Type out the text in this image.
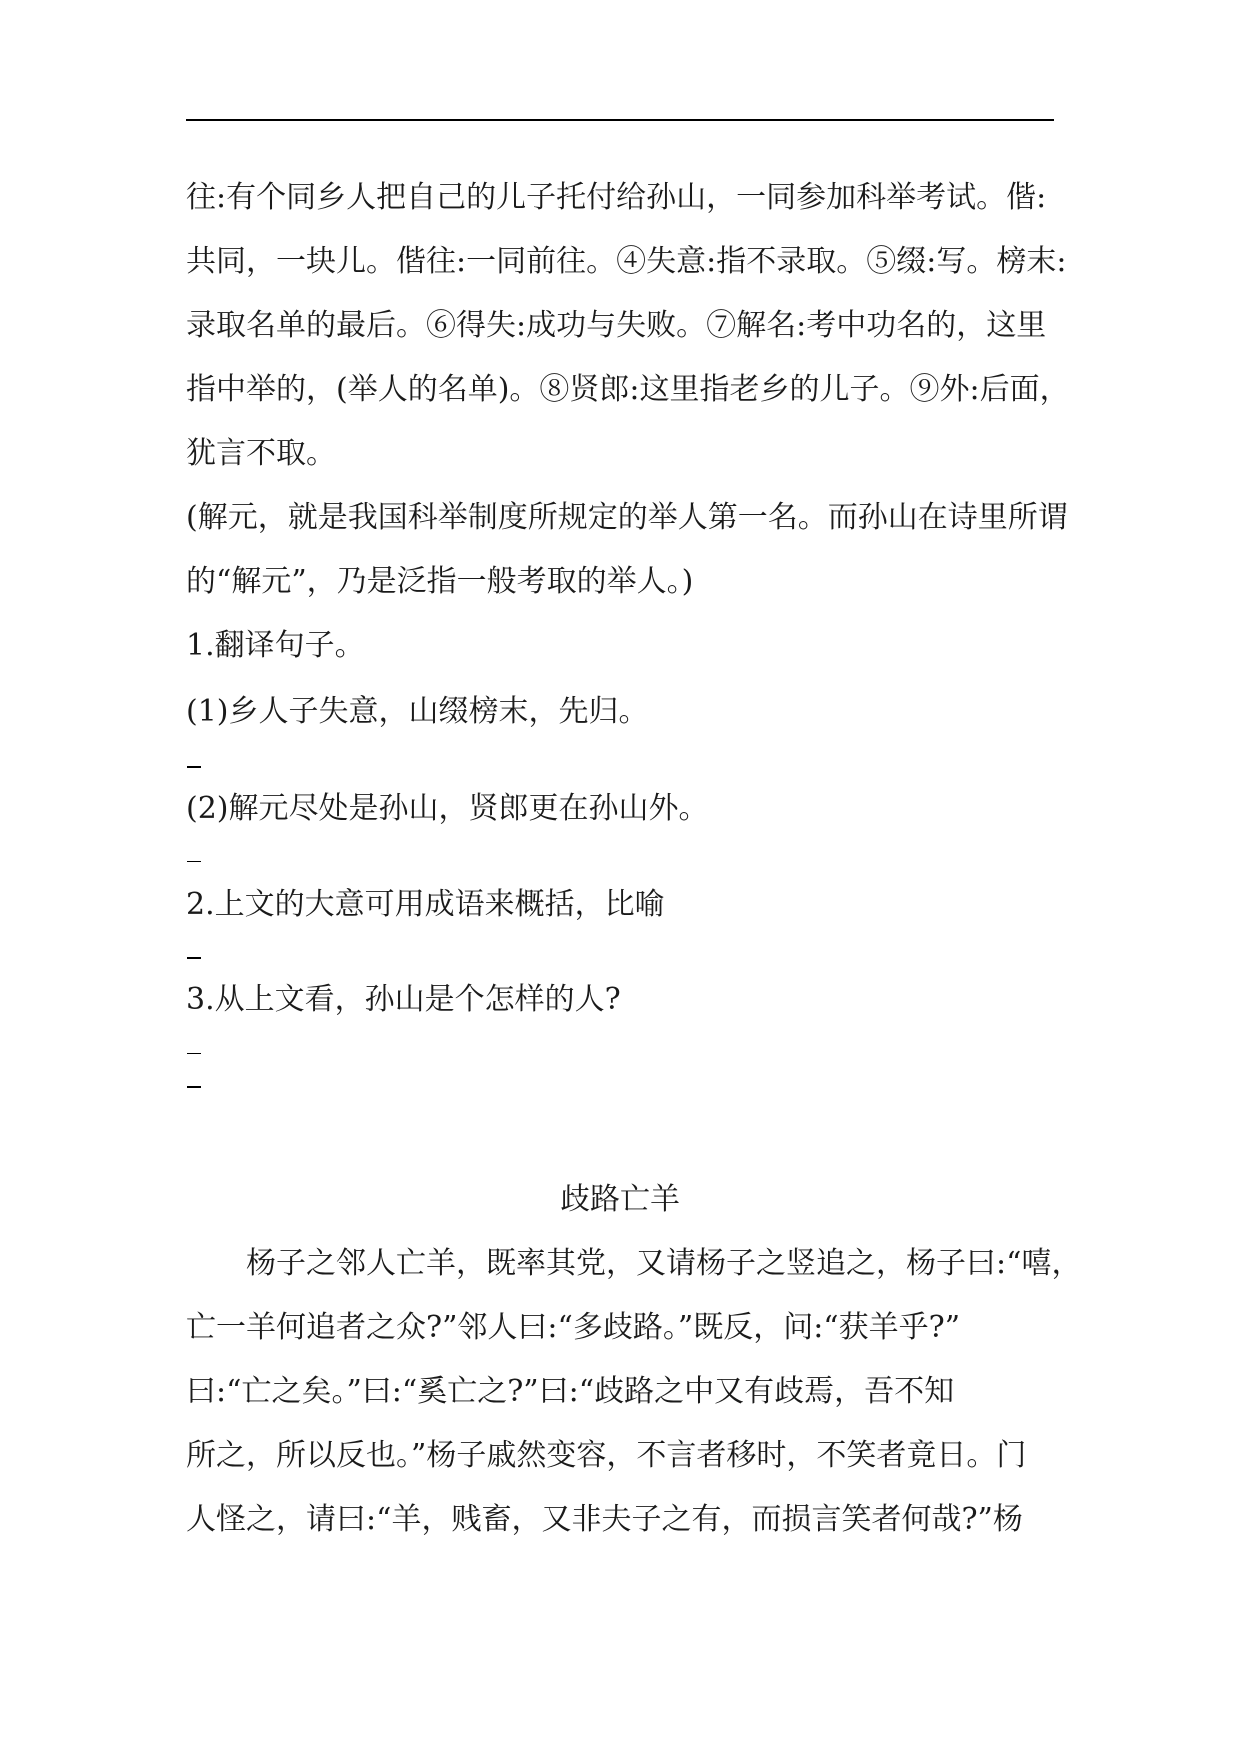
往:有个同乡人把自己的儿子托付给孙山，一同参加科举考试。偕:
共同，一块儿。偕往:一同前往。④失意:指不录取。⑤缀:写。榜末:
录取名单的最后。⑥得失:成功与失败。⑦解名:考中功名的，这里
指中举的，(举人的名单)。⑧贤郎:这里指老乡的儿子。⑨外:后面，
犹言不取。
(解元，就是我国科举制度所规定的举人第一名。而孙山在诗里所谓
的“解元”，乃是泛指一般考取的举人。)
1.翻译句子。
(1)乡人子失意，山缀榜末，先归。
(2)解元尽处是孙山，贤郎更在孙山外。
2.上文的大意可用成语来概括，比喻
3.从上文看，孙山是个怎样的人?
歧路亡羊
杨子之邻人亡羊，既率其党，又请杨子之竖追之，杨子曰:“嘻，
亡一羊何追者之众?”邻人曰:“多歧路。”既反，问:“获羊乎?”
曰:“亡之矣。”曰:“奚亡之?”曰:“歧路之中又有歧焉，吾不知
所之，所以反也。”杨子戚然变容，不言者移时，不笑者竟日。门
人怪之，请曰:“羊，贱畜，又非夫子之有，而损言笑者何哉?”杨
